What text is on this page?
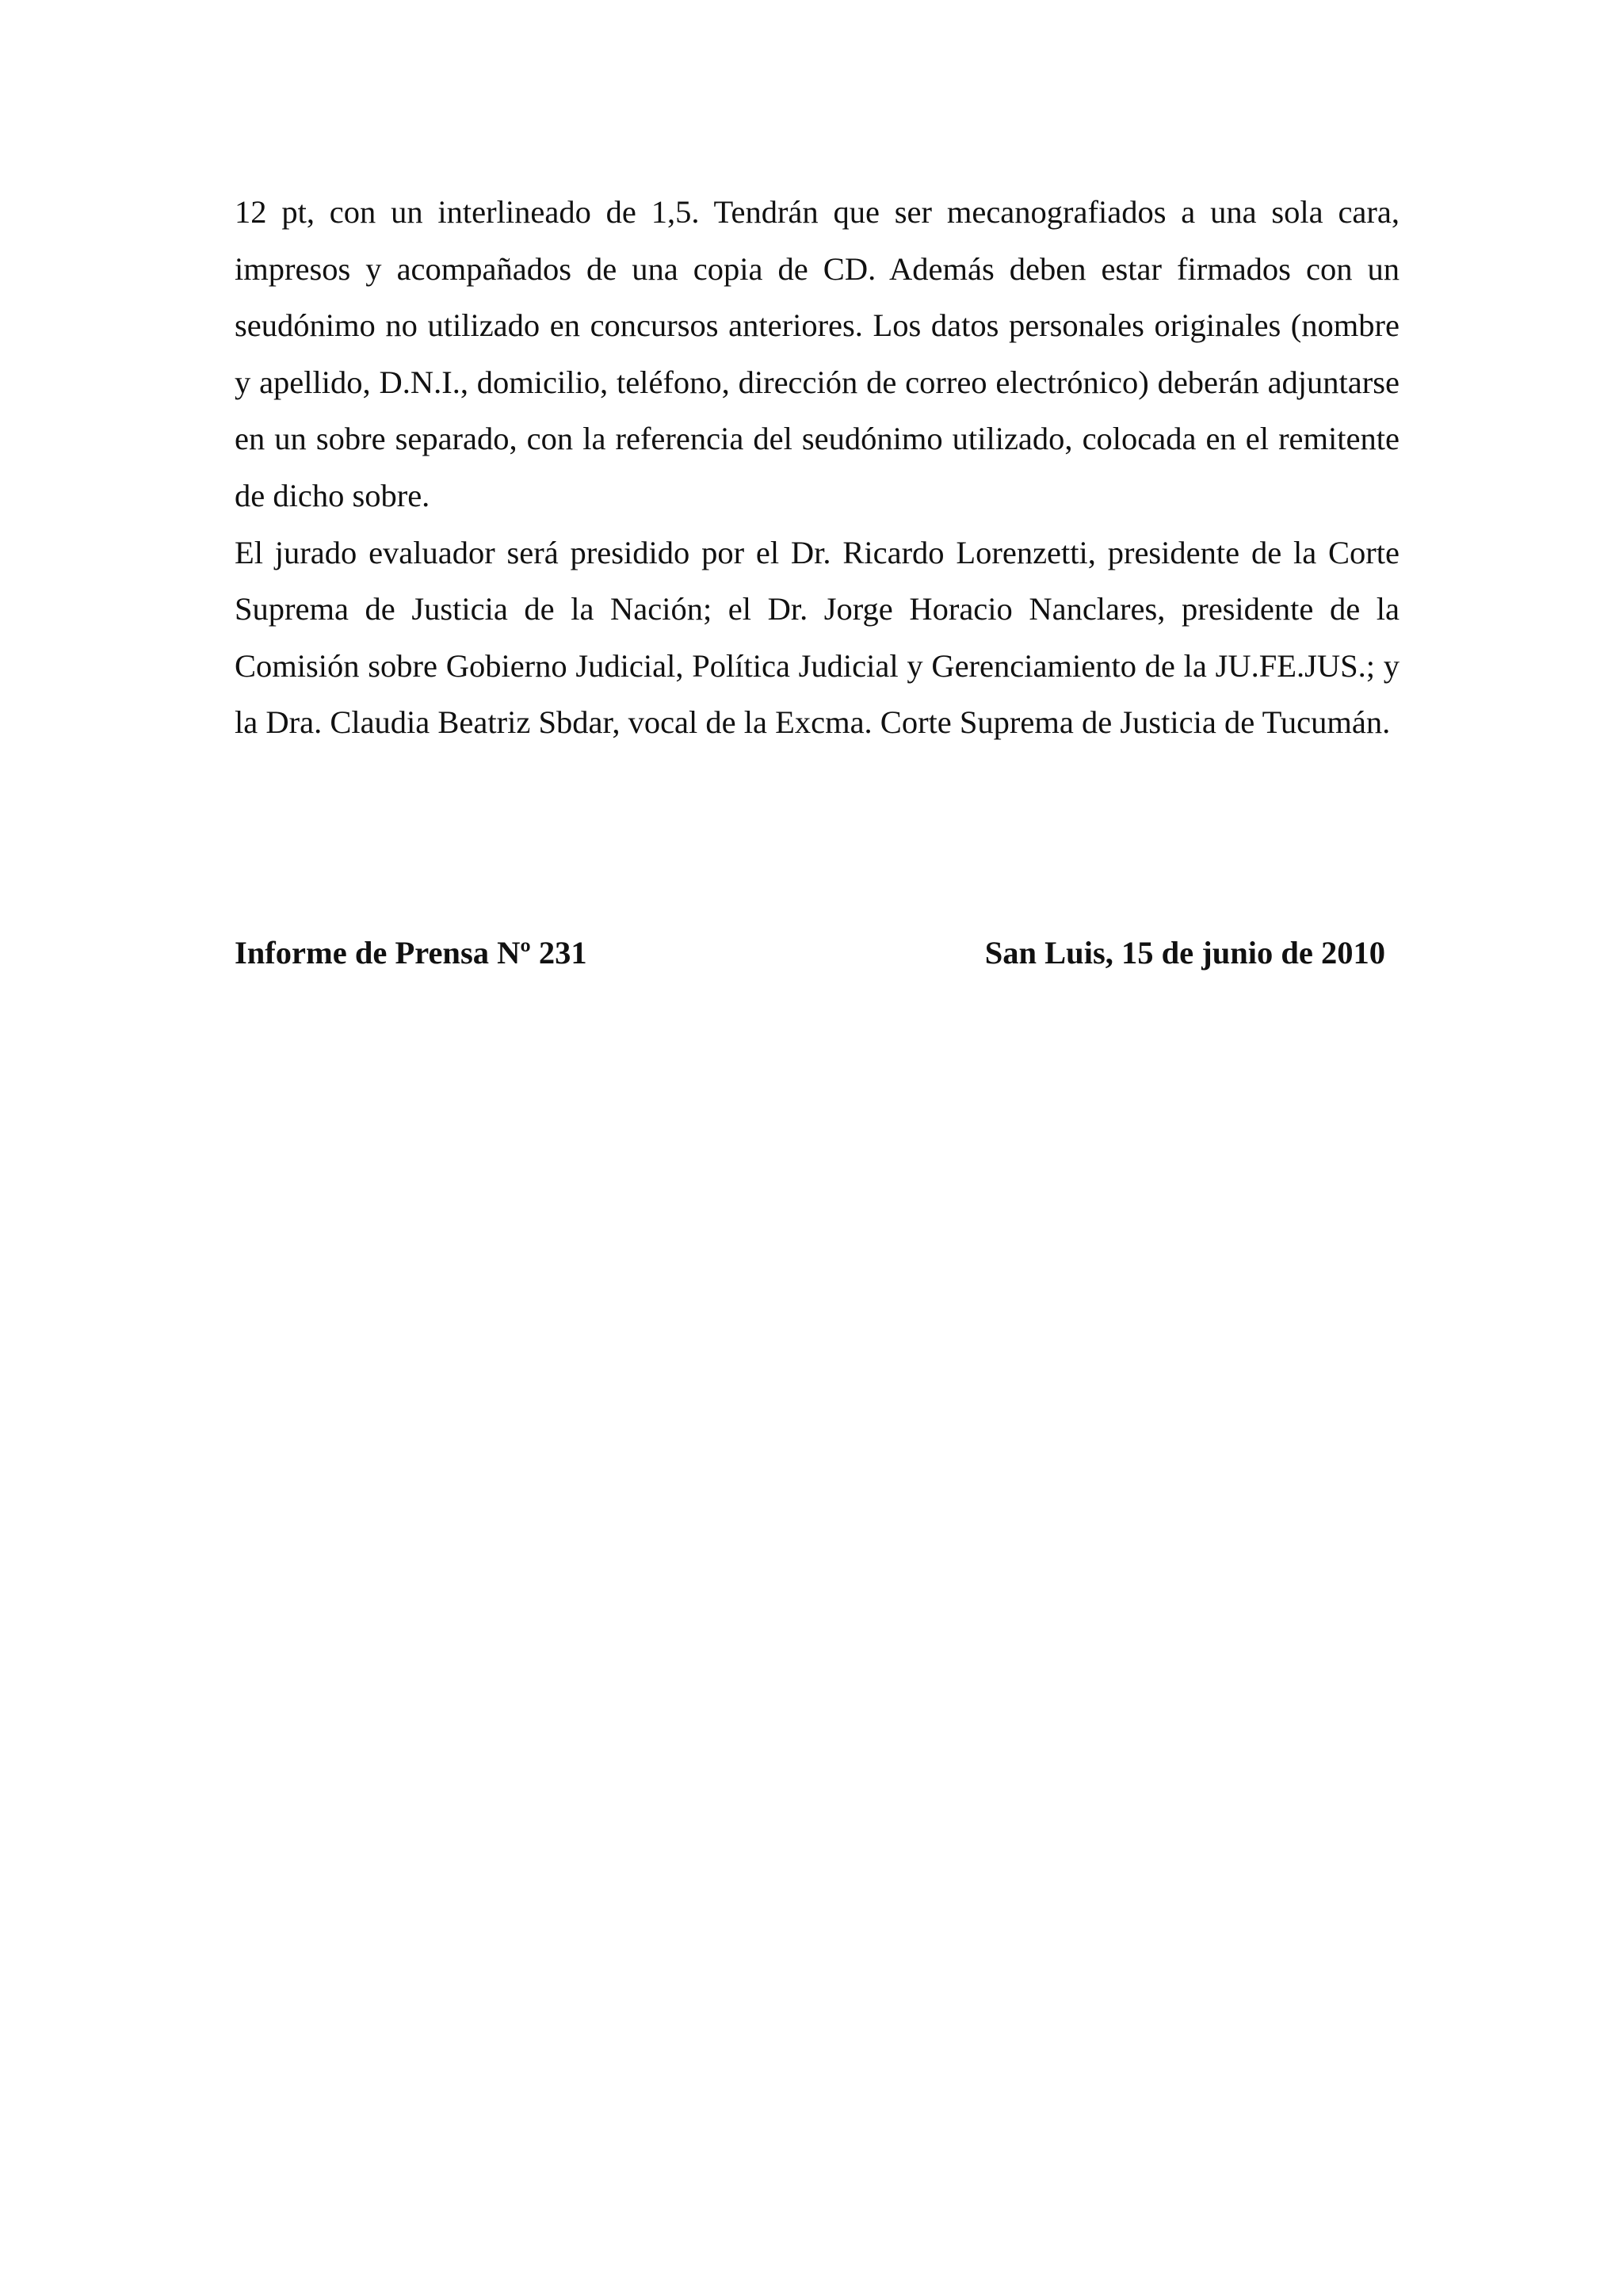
12 pt, con un interlineado de 1,5. Tendrán que ser mecanografiados a una sola cara, impresos y acompañados de una copia de CD. Además deben estar firmados con un seudónimo no utilizado en concursos anteriores. Los datos personales originales (nombre y apellido, D.N.I., domicilio, teléfono, dirección de correo electrónico) deberán adjuntarse en un sobre separado, con la referencia del seudónimo utilizado, colocada en el remitente de dicho sobre.

El jurado evaluador será presidido por el Dr. Ricardo Lorenzetti, presidente de la Corte Suprema de Justicia de la Nación; el Dr. Jorge Horacio Nanclares, presidente de la Comisión sobre Gobierno Judicial, Política Judicial y Gerenciamiento de la JU.FE.JUS.; y la Dra. Claudia Beatriz Sbdar, vocal de la Excma. Corte Suprema de Justicia de Tucumán.

Informe de Prensa Nº 231	San Luis, 15 de junio de 2010
